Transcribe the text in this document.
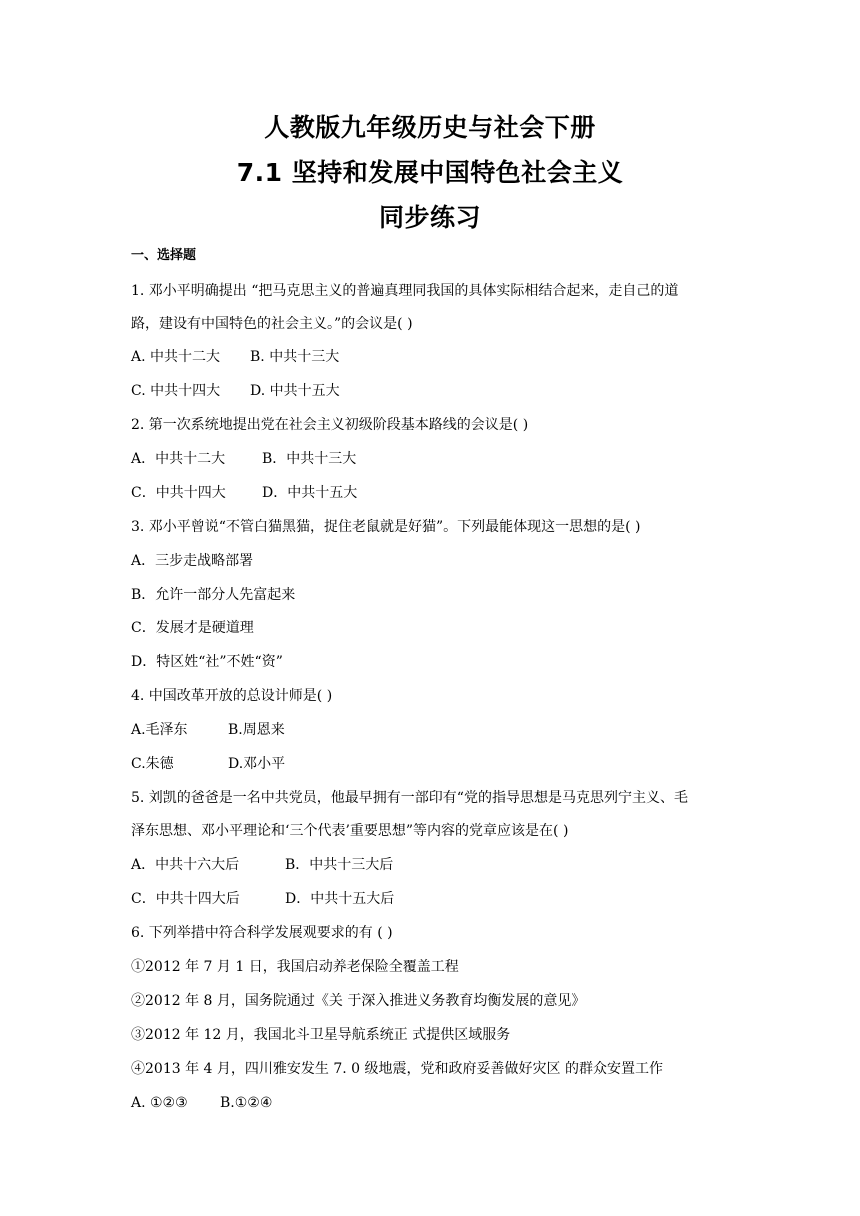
人教版九年级历史与社会下册
7.1 坚持和发展中国特色社会主义
同步练习
一、选择题
1. 邓小平明确提出 “把马克思主义的普遍真理同我国的具体实际相结合起来，走自己的道
路，建设有中国特色的社会主义。”的会议是( )
A. 中共十二大 B. 中共十三大
C. 中共十四大 D. 中共十五大
2. 第一次系统地提出党在社会主义初级阶段基本路线的会议是( )
A．中共十二大	B．中共十三大
C．中共十四大	D．中共十五大
3. 邓小平曾说“不管白猫黑猫，捉住老鼠就是好猫”。下列最能体现这一思想的是( )
A．三步走战略部署
B．允许一部分人先富起来
C．发展才是硬道理
D．特区姓“社”不姓“资”
4. 中国改革开放的总设计师是( )
A.毛泽东	B.周恩来
C.朱德	D.邓小平
5. 刘凯的爸爸是一名中共党员，他最早拥有一部印有“党的指导思想是马克思列宁主义、毛
泽东思想、邓小平理论和‘三个代表’重要思想”等内容的党章应该是在( )
A．中共十六大后	B．中共十三大后
C．中共十四大后	D．中共十五大后
6. 下列举措中符合科学发展观要求的有 ( )
①2012 年 7 月 1 日，我国启动养老保险全覆盖工程
②2012 年 8 月，国务院通过《关 于深入推进义务教育均衡发展的意见》
③2012 年 12 月，我国北斗卫星导航系统正 式提供区域服务
④2013 年 4 月，四川雅安发生 7. 0 级地震，党和政府妥善做好灾区 的群众安置工作
A. ①②③ B.①②④
